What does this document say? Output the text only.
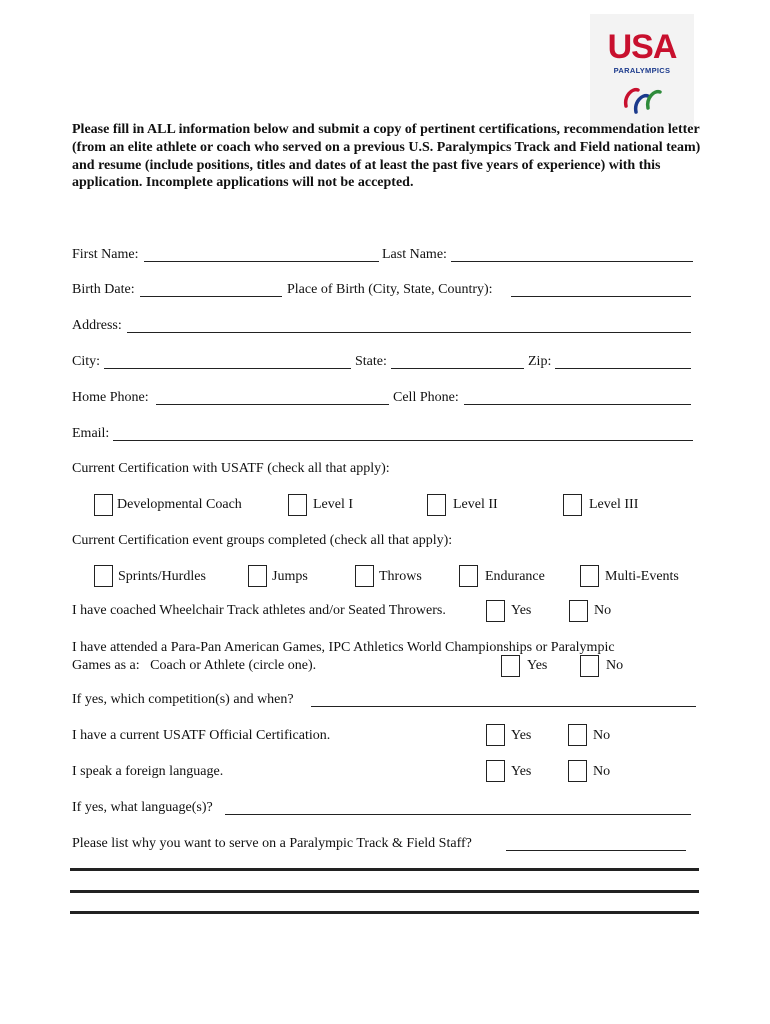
USA
PARALYMPICS
Please fill in ALL information below and submit a copy of pertinent certifications, recommendation letter (from an elite athlete or coach who served on a previous U.S. Paralympics Track and Field national team) and resume (include positions, titles and dates of at least the past five years of experience) with this application. Incomplete applications will not be accepted.
First Name:	Last Name:
Birth Date:	Place of Birth (City, State, Country):
Address:
City:	State:	Zip:
Home Phone:	Cell Phone:
Email:
Current Certification with USATF (check all that apply):
Developmental Coach	Level I	Level II	Level III
Current Certification event groups completed (check all that apply):
Sprints/Hurdles	Jumps	Throws	Endurance	Multi-Events
I have coached Wheelchair Track athletes and/or Seated Throwers.	Yes	No
I have attended a Para-Pan American Games, IPC Athletics World Championships or Paralympic
Games as a:   Coach or Athlete (circle one).	Yes	No
If yes, which competition(s) and when?
I have a current USATF Official Certification.	Yes	No
I speak a foreign language.	Yes	No
If yes, what language(s)?
Please list why you want to serve on a Paralympic Track & Field Staff?
